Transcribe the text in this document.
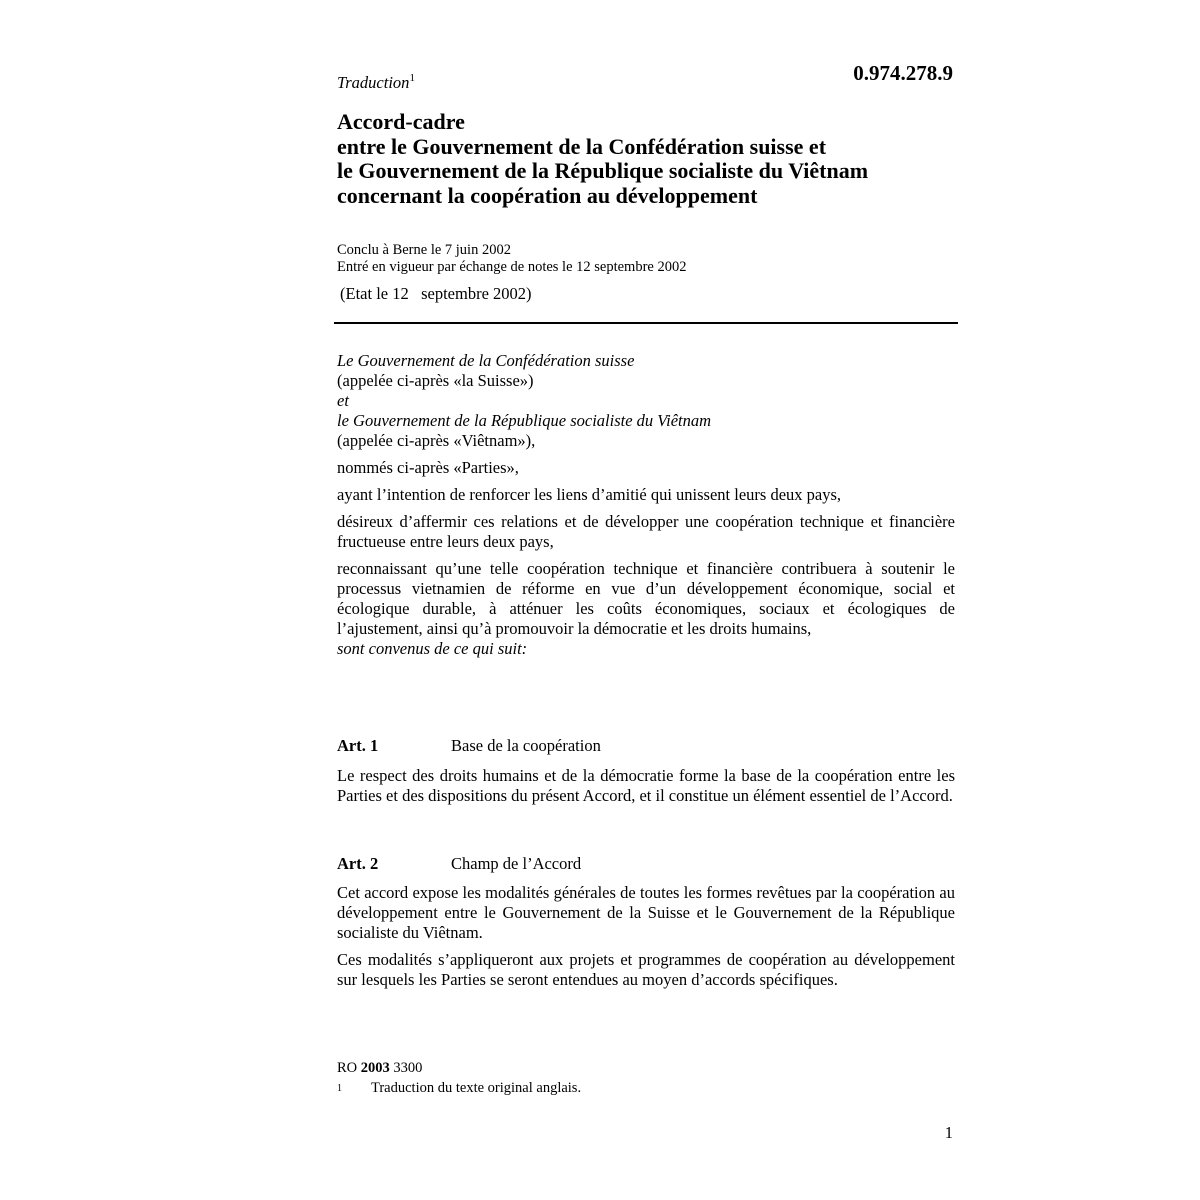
Traduction$^1$	0.974.278.9
Accord-cadre
entre le Gouvernement de la Confédération suisse et
le Gouvernement de la République socialiste du Viêtnam
concernant la coopération au développement
Conclu à Berne le 7 juin 2002
Entré en vigueur par échange de notes le 12 septembre 2002
(Etat le 12   septembre 2002)
Le Gouvernement de la Confédération suisse
(appelée ci-après «la Suisse»)
et
le Gouvernement de la République socialiste du Viêtnam
(appelée ci-après «Viêtnam»),

nommés ci-après «Parties»,

ayant l’intention de renforcer les liens d’amitié qui unissent leurs deux pays,

désireux d’affermir ces relations et de développer une coopération technique et financière fructueuse entre leurs deux pays,

reconnaissant qu’une telle coopération technique et financière contribuera à soutenir le processus vietnamien de réforme en vue d’un développement économique, social et écologique durable, à atténuer les coûts économiques, sociaux et écologiques de l’ajustement, ainsi qu’à promouvoir la démocratie et les droits humains,

sont convenus de ce qui suit:

Art. 1	Base de la coopération

Le respect des droits humains et de la démocratie forme la base de la coopération entre les Parties et des dispositions du présent Accord, et il constitue un élément essentiel de l’Accord.

Art. 2	Champ de l’Accord

Cet accord expose les modalités générales de toutes les formes revêtues par la coopération au développement entre le Gouvernement de la Suisse et le Gouvernement de la République socialiste du Viêtnam.

Ces modalités s’appliqueront aux projets et programmes de coopération au développement sur lesquels les Parties se seront entendues au moyen d’accords spécifiques.

RO 2003 3300
1 Traduction du texte original anglais.
1
